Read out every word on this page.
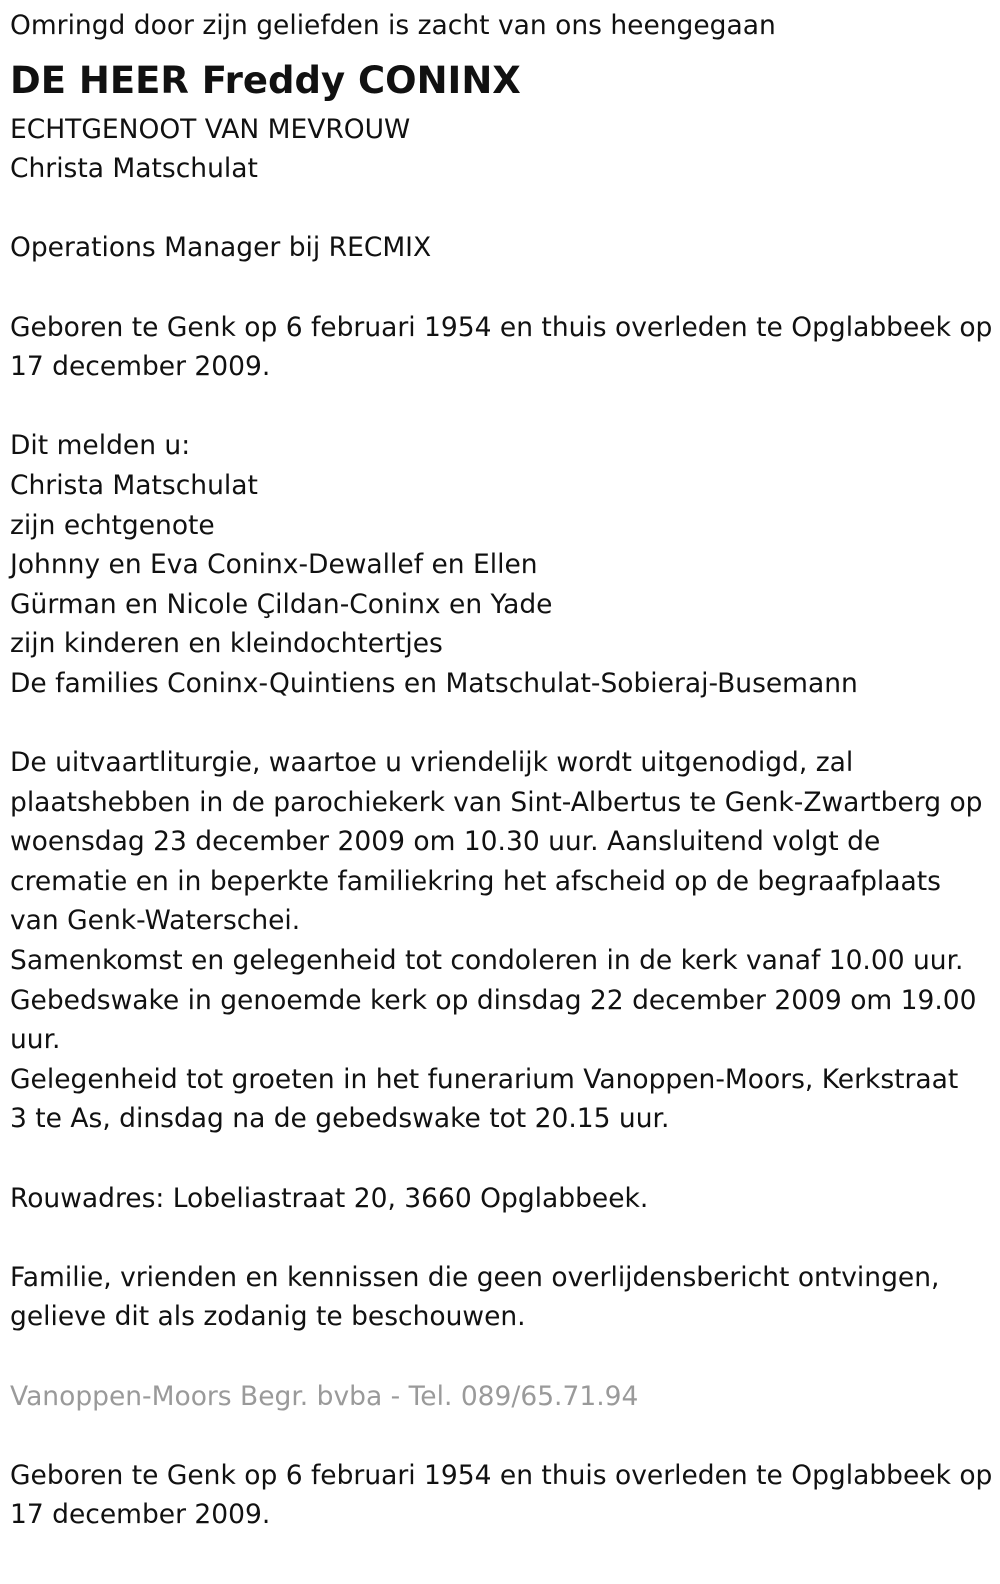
Omringd door zijn geliefden is zacht van ons heengegaan
DE HEER Freddy CONINX
ECHTGENOOT VAN MEVROUW
Christa Matschulat
Operations Manager bij RECMIX
Geboren te Genk op 6 februari 1954 en thuis overleden te Opglabbeek op
17 december 2009.
Dit melden u:
Christa Matschulat
zijn echtgenote
Johnny en Eva Coninx-Dewallef en Ellen
Gürman en Nicole Çildan-Coninx en Yade
zijn kinderen en kleindochtertjes
De families Coninx-Quintiens en Matschulat-Sobieraj-Busemann
De uitvaartliturgie, waartoe u vriendelijk wordt uitgenodigd, zal
plaatshebben in de parochiekerk van Sint-Albertus te Genk-Zwartberg op
woensdag 23 december 2009 om 10.30 uur. Aansluitend volgt de
crematie en in beperkte familiekring het afscheid op de begraafplaats
van Genk-Waterschei.
Samenkomst en gelegenheid tot condoleren in de kerk vanaf 10.00 uur.
Gebedswake in genoemde kerk op dinsdag 22 december 2009 om 19.00
uur.
Gelegenheid tot groeten in het funerarium Vanoppen-Moors, Kerkstraat
3 te As, dinsdag na de gebedswake tot 20.15 uur.
Rouwadres: Lobeliastraat 20, 3660 Opglabbeek.
Familie, vrienden en kennissen die geen overlijdensbericht ontvingen,
gelieve dit als zodanig te beschouwen.
Vanoppen-Moors Begr. bvba - Tel. 089/65.71.94
Geboren te Genk op 6 februari 1954 en thuis overleden te Opglabbeek op
17 december 2009.
